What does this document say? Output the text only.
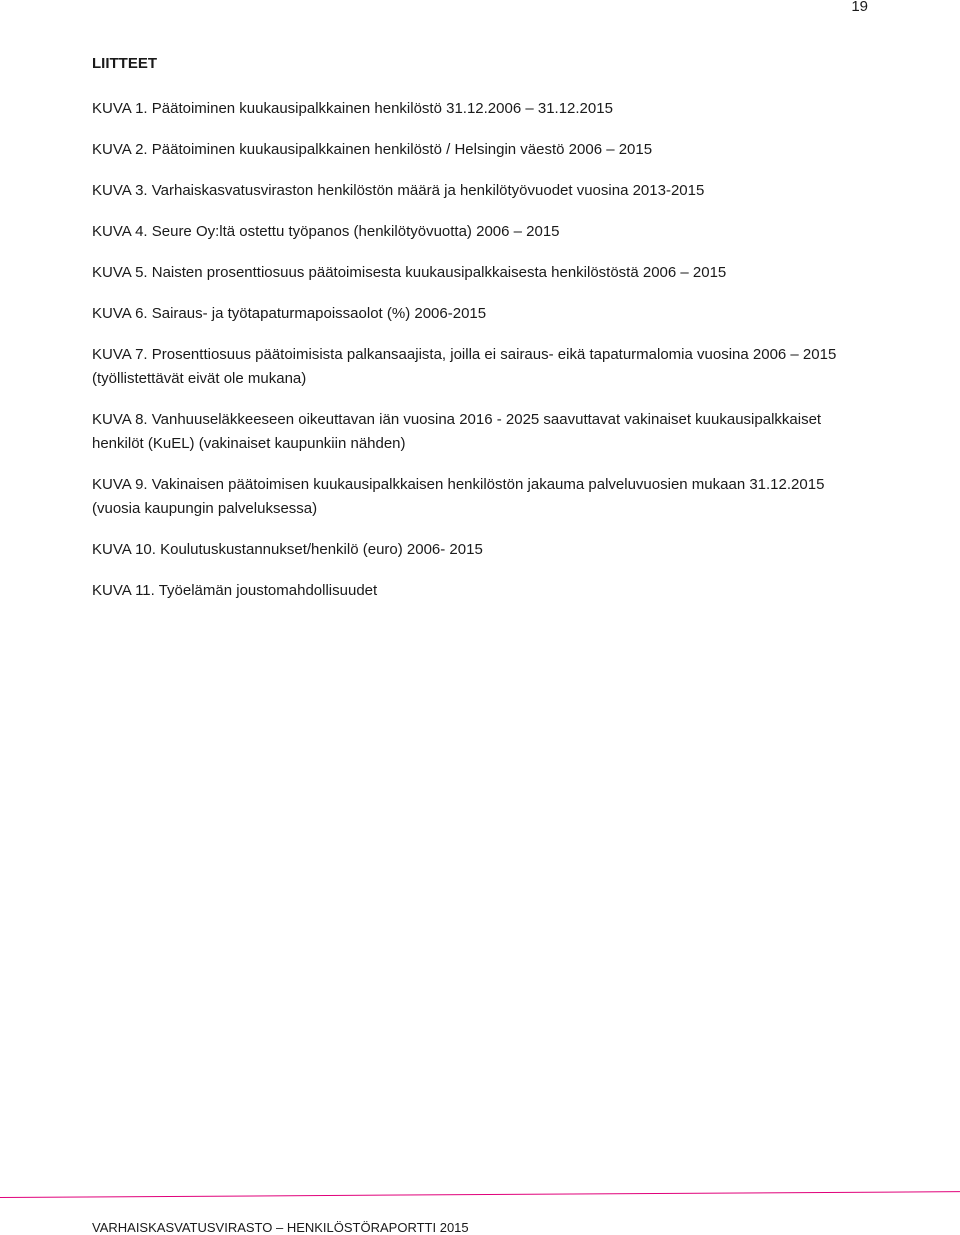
19
LIITTEET
KUVA 1. Päätoiminen kuukausipalkkainen henkilöstö 31.12.2006 – 31.12.2015
KUVA 2. Päätoiminen kuukausipalkkainen henkilöstö / Helsingin väestö 2006 – 2015
KUVA 3. Varhaiskasvatusviraston henkilöstön määrä ja henkilötyövuodet vuosina 2013-2015
KUVA 4. Seure Oy:ltä ostettu työpanos (henkilötyövuotta) 2006 – 2015
KUVA 5. Naisten prosenttiosuus päätoimisesta kuukausipalkkaisesta henkilöstöstä 2006 – 2015
KUVA 6. Sairaus- ja työtapaturmapoissaolot (%) 2006-2015
KUVA 7. Prosenttiosuus päätoimisista palkansaajista, joilla ei sairaus- eikä tapaturmalomia vuosina 2006 – 2015 (työllistettävät eivät ole mukana)
KUVA 8. Vanhuuseläkkeeseen oikeuttavan iän vuosina 2016 - 2025 saavuttavat vakinaiset kuukausipalkkaiset henkilöt (KuEL) (vakinaiset kaupunkiin nähden)
KUVA 9. Vakinaisen päätoimisen kuukausipalkkaisen henkilöstön jakauma palveluvuosien mukaan 31.12.2015 (vuosia kaupungin palveluksessa)
KUVA 10. Koulutuskustannukset/henkilö (euro) 2006- 2015
KUVA 11. Työelämän joustomahdollisuudet
VARHAISKASVATUSVIRASTO – HENKILÖSTÖRAPORTTI 2015
